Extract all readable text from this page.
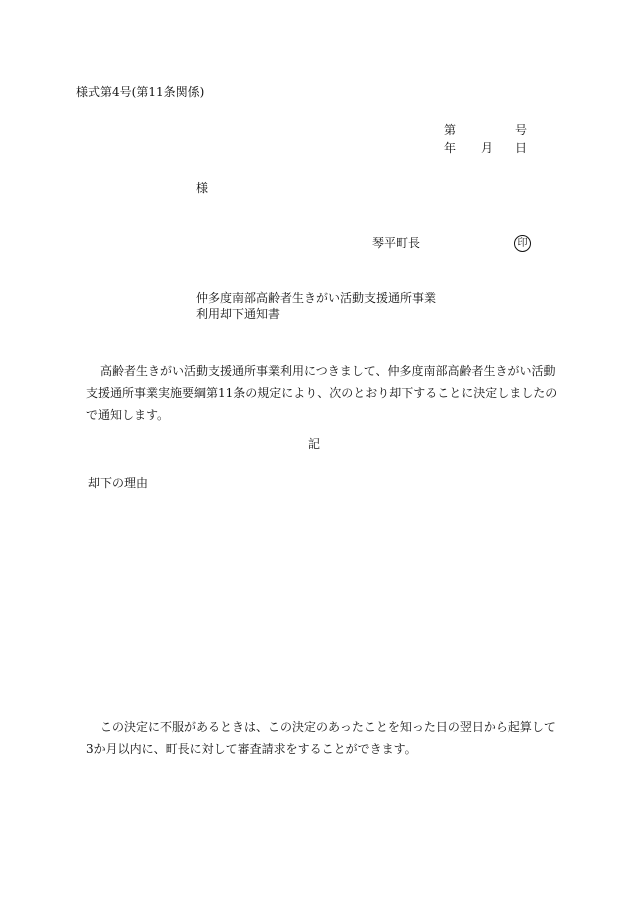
様式第4号(第11条関係)
第	号
年 月 日
様
琴平町長	印
仲多度南部高齢者生きがい活動支援通所事業
利用却下通知書
高齢者生きがい活動支援通所事業利用につきまして、仲多度南部高齢者生きがい活動
支援通所事業実施要綱第11条の規定により、次のとおり却下することに決定しましたの
で通知します。
記
却下の理由
この決定に不服があるときは、この決定のあったことを知った日の翌日から起算して
3か月以内に、町長に対して審査請求をすることができます。
